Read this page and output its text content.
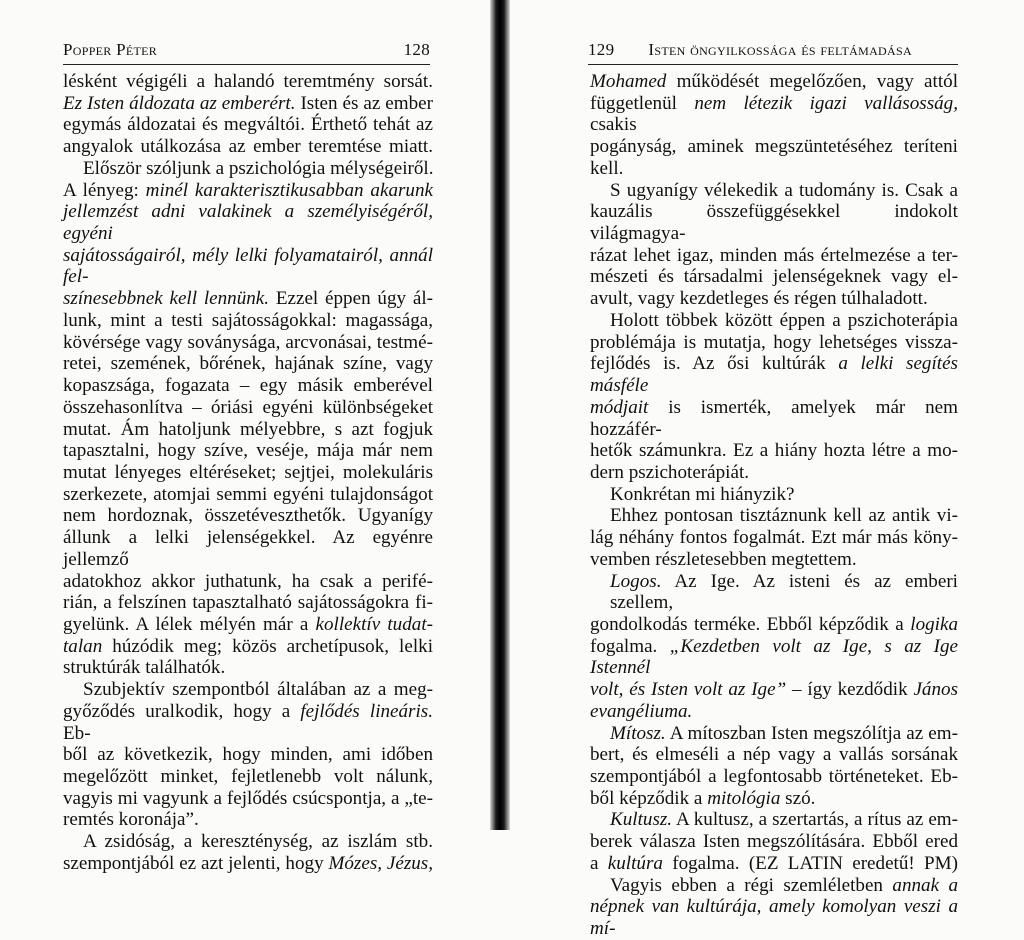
Popper Péter	128
lésként végigéli a halandó teremtmény sorsát.
Ez Isten áldozata az emberért. Isten és az ember
egymás áldozatai és megváltói. Érthető tehát az
angyalok utálkozása az ember teremtése miatt.
Először szóljunk a pszichológia mélységeiről.
A lényeg: minél karakterisztikusabban akarunk
jellemzést adni valakinek a személyiségéről, egyéni
sajátosságairól, mély lelki folyamatairól, annál fel-
színesebbnek kell lennünk. Ezzel éppen úgy ál-
lunk, mint a testi sajátosságokkal: magassága,
kövérsége vagy soványsága, arcvonásai, testmé-
retei, szemének, bőrének, hajának színe, vagy
kopaszsága, fogazata – egy másik emberével
összehasonlítva – óriási egyéni különbségeket
mutat. Ám hatoljunk mélyebbre, s azt fogjuk
tapasztalni, hogy szíve, veséje, mája már nem
mutat lényeges eltéréseket; sejtjei, molekuláris
szerkezete, atomjai semmi egyéni tulajdonságot
nem hordoznak, összetéveszthetők. Ugyanígy
állunk a lelki jelenségekkel. Az egyénre jellemző
adatokhoz akkor juthatunk, ha csak a perifé-
rián, a felszínen tapasztalható sajátosságokra fi-
gyelünk. A lélek mélyén már a kollektív tudat-
talan húzódik meg; közös archetípusok, lelki
struktúrák találhatók.
Szubjektív szempontból általában az a meg-
győződés uralkodik, hogy a fejlődés lineáris. Eb-
ből az következik, hogy minden, ami időben
megelőzött minket, fejletlenebb volt nálunk,
vagyis mi vagyunk a fejlődés csúcspontja, a „te-
remtés koronája”.
A zsidóság, a kereszténység, az iszlám stb.
szempontjából ez azt jelenti, hogy Mózes, Jézus,
129 Isten öngyilkossága és feltámadása
Mohamed működését megelőzően, vagy attól
függetlenül nem létezik igazi vallásosság, csakis
pogányság, aminek megszüntetéséhez teríteni
kell.
S ugyanígy vélekedik a tudomány is. Csak a
kauzális összefüggésekkel indokolt világmagya-
rázat lehet igaz, minden más értelmezése a ter-
mészeti és társadalmi jelenségeknek vagy el-
avult, vagy kezdetleges és régen túlhaladott.
Holott többek között éppen a pszichoterápia
problémája is mutatja, hogy lehetséges vissza-
fejlődés is. Az ősi kultúrák a lelki segítés másféle
módjait is ismerték, amelyek már nem hozzáfér-
hetők számunkra. Ez a hiány hozta létre a mo-
dern pszichoterápiát.
Konkrétan mi hiányzik?
Ehhez pontosan tisztáznunk kell az antik vi-
lág néhány fontos fogalmát. Ezt már más köny-
vemben részletesebben megtettem.
Logos. Az Ige. Az isteni és az emberi szellem,
gondolkodás terméke. Ebből képződik a logika
fogalma. „Kezdetben volt az Ige, s az Ige Istennél
volt, és Isten volt az Ige” – így kezdődik János
evangéliuma.
Mítosz. A mítoszban Isten megszólítja az em-
bert, és elmeséli a nép vagy a vallás sorsának
szempontjából a legfontosabb történeteket. Eb-
ből képződik a mitológia szó.
Kultusz. A kultusz, a szertartás, a rítus az em-
berek válasza Isten megszólítására. Ebből ered
a kultúra fogalma. (EZ LATIN eredetű! PM)
Vagyis ebben a régi szemléletben annak a
népnek van kultúrája, amely komolyan veszi a mí-
